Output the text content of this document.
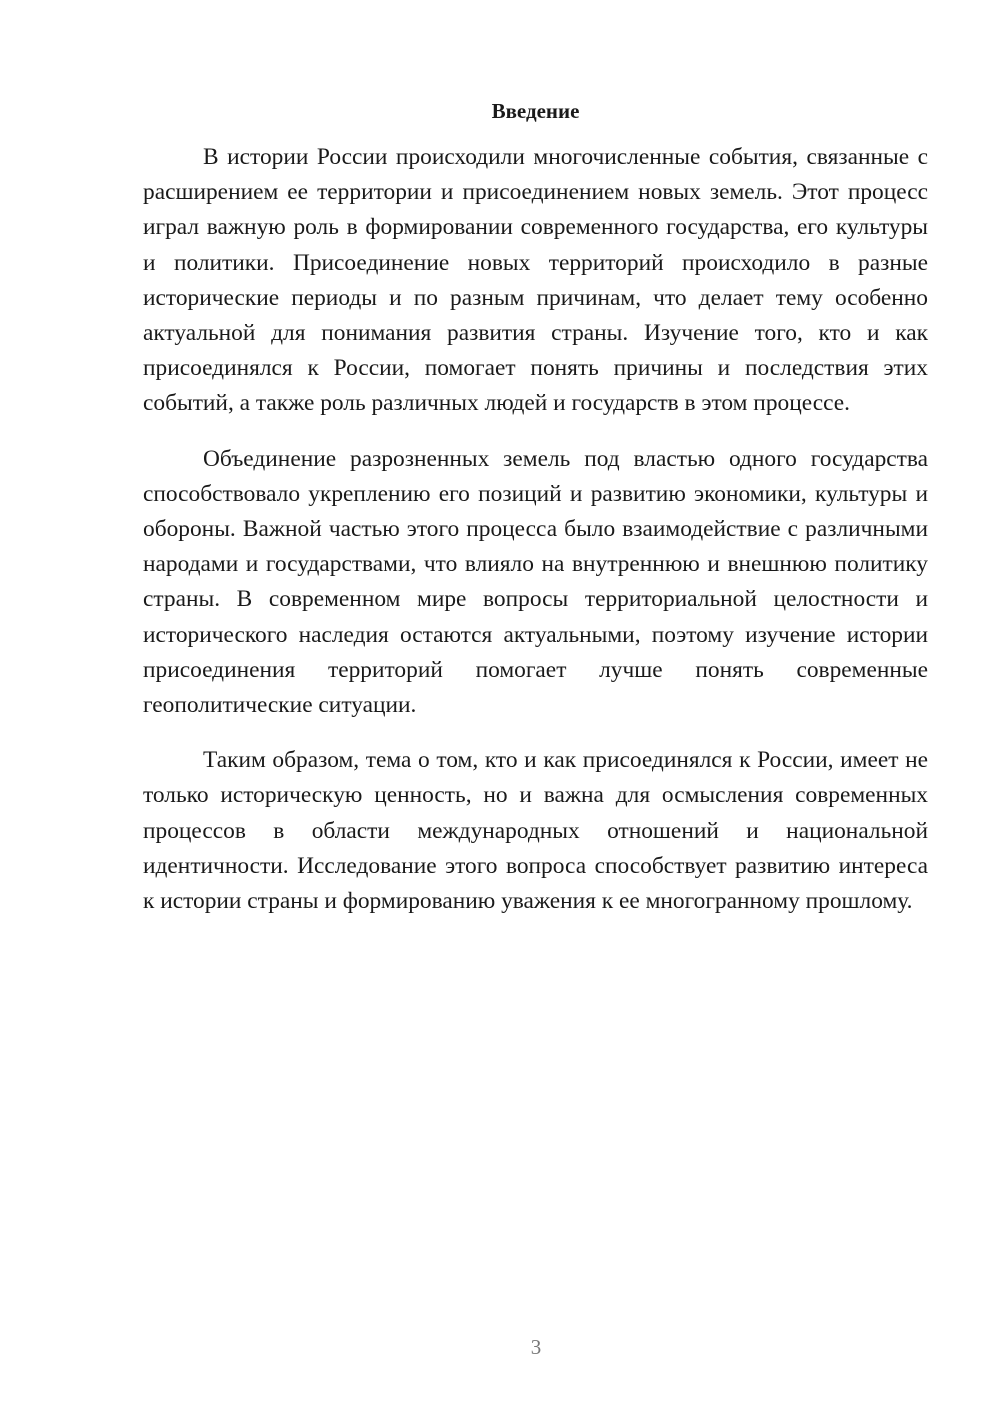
Введение

В истории России происходили многочисленные события, связанные с расширением ее территории и присоединением новых земель. Этот процесс играл важную роль в формировании современного государства, его культуры и политики. Присоединение новых территорий происходило в разные исторические периоды и по разным причинам, что делает тему особенно актуальной для понимания развития страны. Изучение того, кто и как присоединялся к России, помогает понять причины и последствия этих событий, а также роль различных людей и государств в этом процессе.

Объединение разрозненных земель под властью одного государства способствовало укреплению его позиций и развитию экономики, культуры и обороны. Важной частью этого процесса было взаимодействие с различными народами и государствами, что влияло на внутреннюю и внешнюю политику страны. В современном мире вопросы территориальной целостности и исторического наследия остаются актуальными, поэтому изучение истории присоединения территорий помогает лучше понять современные геополитические ситуации.

Таким образом, тема о том, кто и как присоединялся к России, имеет не только историческую ценность, но и важна для осмысления современных процессов в области международных отношений и национальной идентичности. Исследование этого вопроса способствует развитию интереса к истории страны и формированию уважения к ее многогранному прошлому.

3
